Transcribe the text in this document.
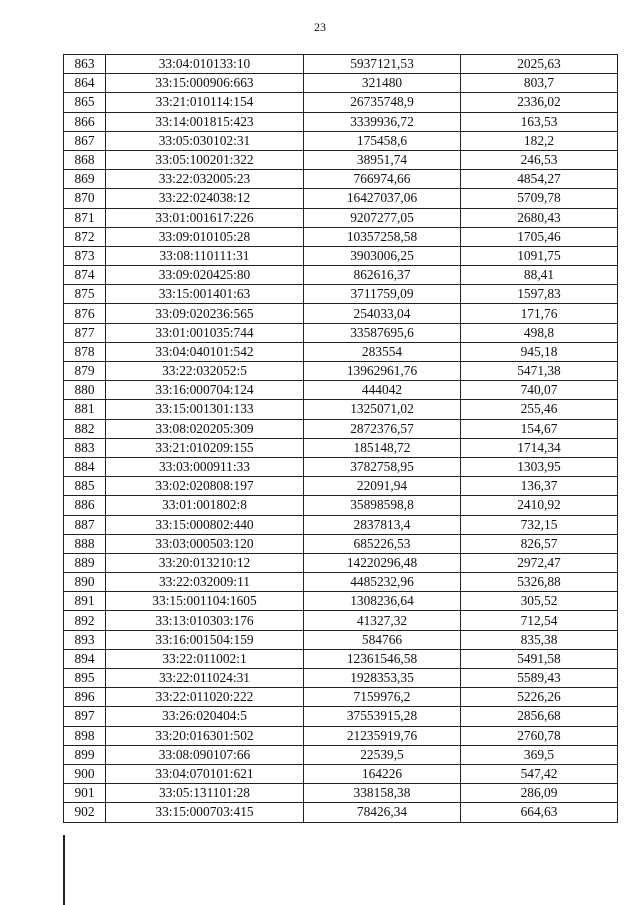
23
863	33:04:010133:10	5937121,53	2025,63
864	33:15:000906:663	321480	803,7
865	33:21:010114:154	26735748,9	2336,02
866	33:14:001815:423	3339936,72	163,53
867	33:05:030102:31	175458,6	182,2
868	33:05:100201:322	38951,74	246,53
869	33:22:032005:23	766974,66	4854,27
870	33:22:024038:12	16427037,06	5709,78
871	33:01:001617:226	9207277,05	2680,43
872	33:09:010105:28	10357258,58	1705,46
873	33:08:110111:31	3903006,25	1091,75
874	33:09:020425:80	862616,37	88,41
875	33:15:001401:63	3711759,09	1597,83
876	33:09:020236:565	254033,04	171,76
877	33:01:001035:744	33587695,6	498,8
878	33:04:040101:542	283554	945,18
879	33:22:032052:5	13962961,76	5471,38
880	33:16:000704:124	444042	740,07
881	33:15:001301:133	1325071,02	255,46
882	33:08:020205:309	2872376,57	154,67
883	33:21:010209:155	185148,72	1714,34
884	33:03:000911:33	3782758,95	1303,95
885	33:02:020808:197	22091,94	136,37
886	33:01:001802:8	35898598,8	2410,92
887	33:15:000802:440	2837813,4	732,15
888	33:03:000503:120	685226,53	826,57
889	33:20:013210:12	14220296,48	2972,47
890	33:22:032009:11	4485232,96	5326,88
891	33:15:001104:1605	1308236,64	305,52
892	33:13:010303:176	41327,32	712,54
893	33:16:001504:159	584766	835,38
894	33:22:011002:1	12361546,58	5491,58
895	33:22:011024:31	1928353,35	5589,43
896	33:22:011020:222	7159976,2	5226,26
897	33:26:020404:5	37553915,28	2856,68
898	33:20:016301:502	21235919,76	2760,78
899	33:08:090107:66	22539,5	369,5
900	33:04:070101:621	164226	547,42
901	33:05:131101:28	338158,38	286,09
902	33:15:000703:415	78426,34	664,63
